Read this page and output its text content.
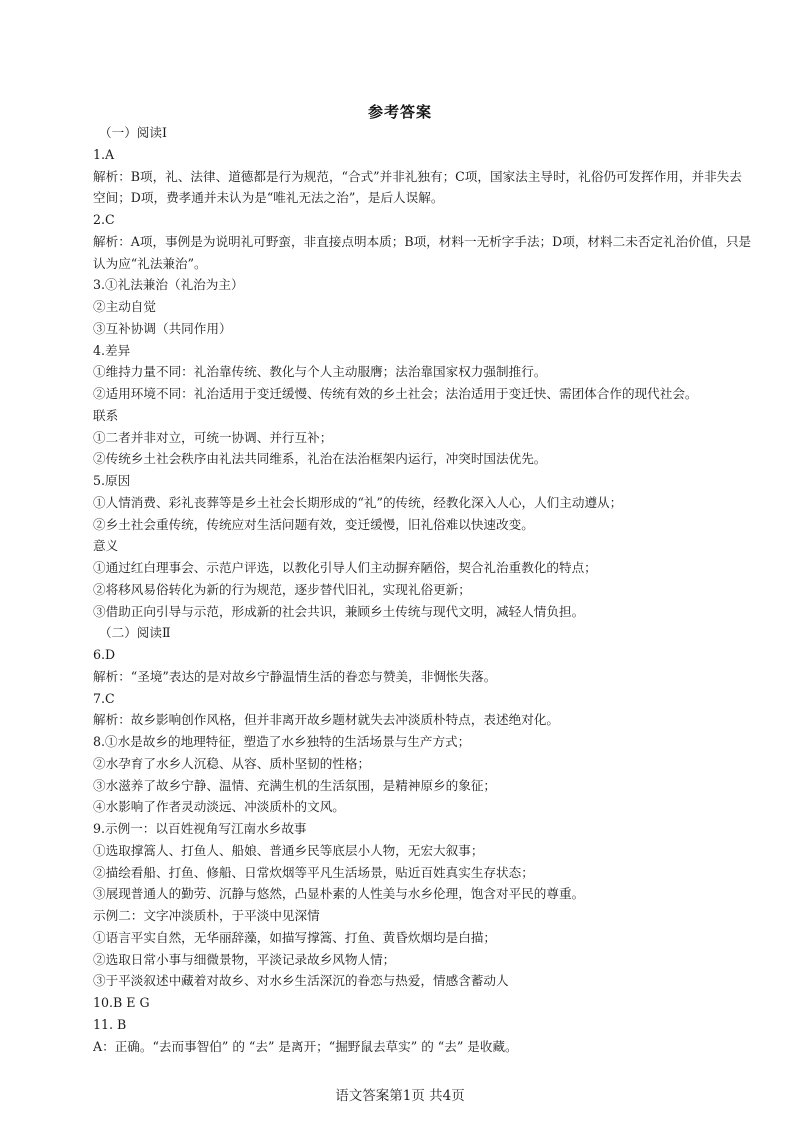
参考答案
（一）阅读Ⅰ
1.A
解析：B项，礼、法律、道德都是行为规范，“合式”并非礼独有；C项，国家法主导时，礼俗仍可发挥作用，并非失去
空间；D项，费孝通并未认为是“唯礼无法之治”，是后人误解。
2.C
解析：A项，事例是为说明礼可野蛮，非直接点明本质；B项，材料一无析字手法；D项，材料二未否定礼治价值，只是
认为应“礼法兼治”。
3.①礼法兼治（礼治为主）
②主动自觉
③互补协调（共同作用）
4.差异
①维持力量不同：礼治靠传统、教化与个人主动服膺；法治靠国家权力强制推行。
②适用环境不同：礼治适用于变迁缓慢、传统有效的乡土社会；法治适用于变迁快、需团体合作的现代社会。
联系
①二者并非对立，可统一协调、并行互补；
②传统乡土社会秩序由礼法共同维系，礼治在法治框架内运行，冲突时国法优先。
5.原因
①人情消费、彩礼丧葬等是乡土社会长期形成的“礼”的传统，经教化深入人心，人们主动遵从；
②乡土社会重传统，传统应对生活问题有效，变迁缓慢，旧礼俗难以快速改变。
意义
①通过红白理事会、示范户评选，以教化引导人们主动摒弃陋俗，契合礼治重教化的特点；
②将移风易俗转化为新的行为规范，逐步替代旧礼，实现礼俗更新；
③借助正向引导与示范，形成新的社会共识，兼顾乡土传统与现代文明，减轻人情负担。
（二）阅读Ⅱ
6.D
解析：“圣境”表达的是对故乡宁静温情生活的眷恋与赞美，非惆怅失落。
7.C
解析：故乡影响创作风格，但并非离开故乡题材就失去冲淡质朴特点，表述绝对化。
8.①水是故乡的地理特征，塑造了水乡独特的生活场景与生产方式；
②水孕育了水乡人沉稳、从容、质朴坚韧的性格；
③水滋养了故乡宁静、温情、充满生机的生活氛围，是精神原乡的象征；
④水影响了作者灵动淡远、冲淡质朴的文风。
9.示例一：以百姓视角写江南水乡故事
①选取撑篙人、打鱼人、船娘、普通乡民等底层小人物，无宏大叙事；
②描绘看船、打鱼、修船、日常炊烟等平凡生活场景，贴近百姓真实生存状态；
③展现普通人的勤劳、沉静与悠然，凸显朴素的人性美与水乡伦理，饱含对平民的尊重。
示例二：文字冲淡质朴，于平淡中见深情
①语言平实自然，无华丽辞藻，如描写撑篙、打鱼、黄昏炊烟均是白描；
②选取日常小事与细微景物，平淡记录故乡风物人情；
③于平淡叙述中藏着对故乡、对水乡生活深沉的眷恋与热爱，情感含蓄动人
10.B E G
11. B
A：正确。“去而事智伯” 的 “去” 是离开；“掘野鼠去草实” 的 “去” 是收藏。
语文答案第1页 共4页
